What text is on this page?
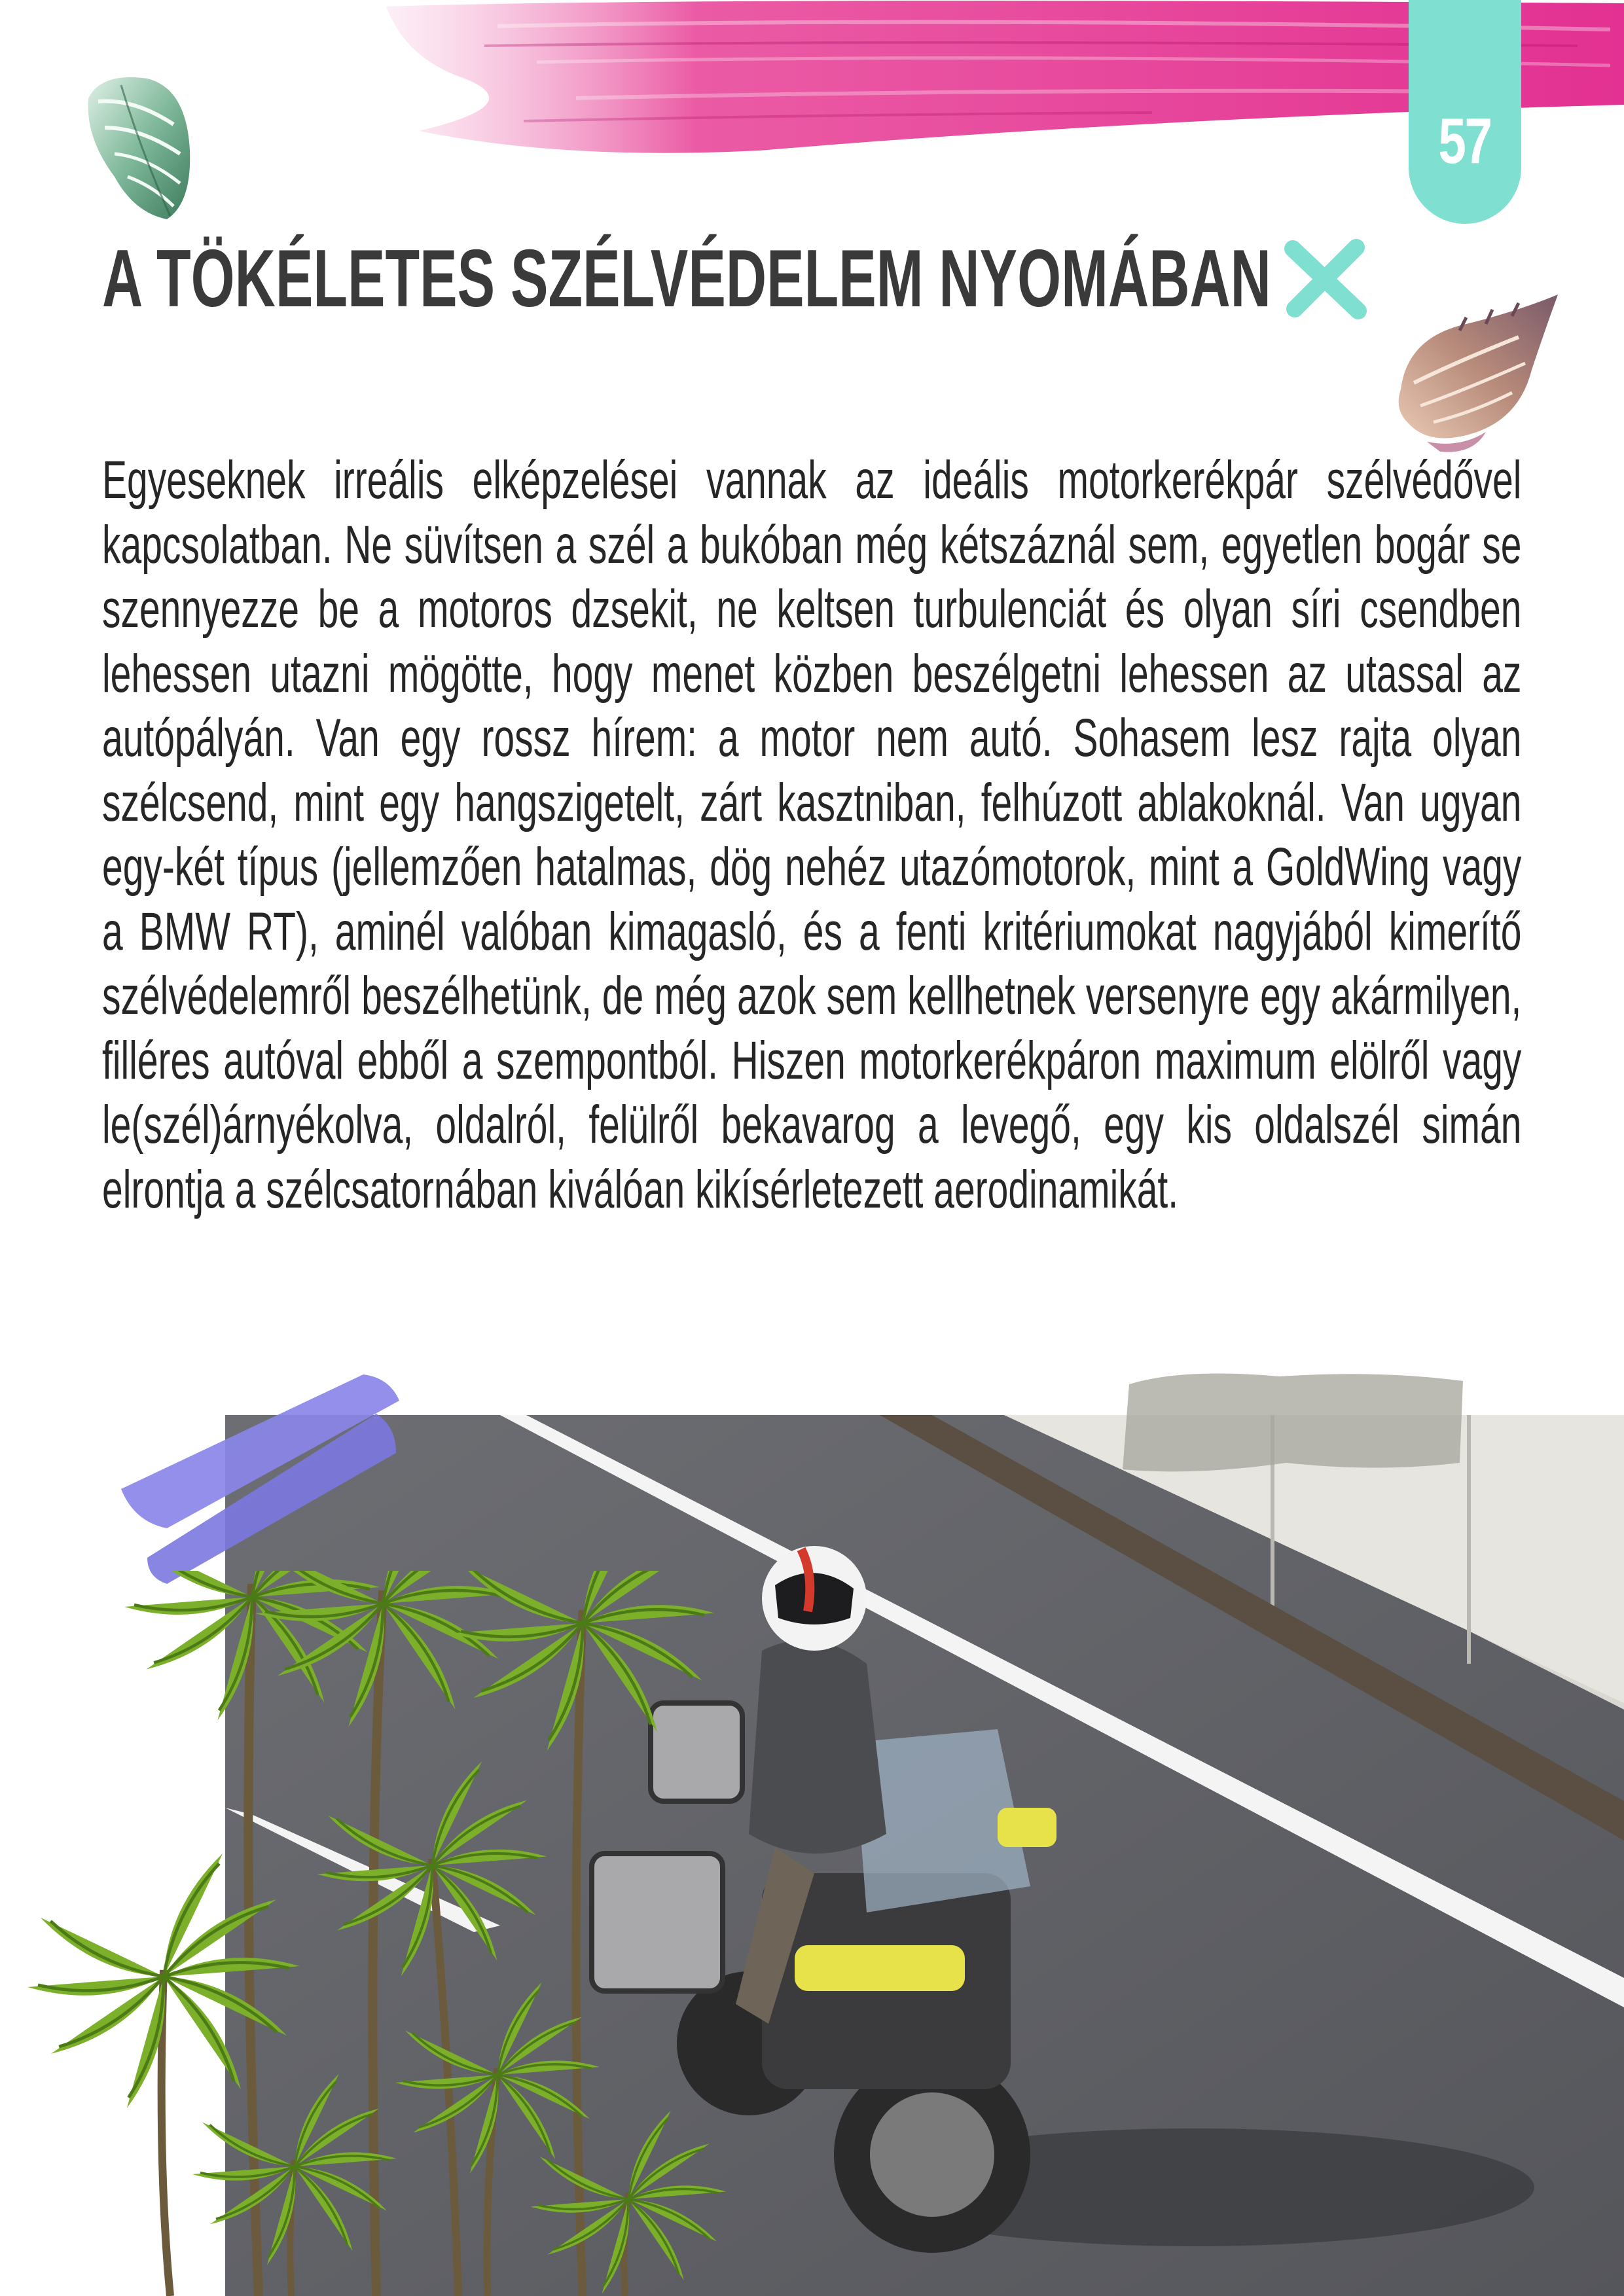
57
A TÖKÉLETES SZÉLVÉDELEM NYOMÁBAN

Egyeseknek irreális elképzelései vannak az ideális motorkerékpár szélvédővel kapcsolatban. Ne süvítsen a szél a bukóban még kétszáznál sem, egyetlen bogár se szennyezze be a motoros dzsekit, ne keltsen turbulenciát és olyan síri csendben lehessen utazni mögötte, hogy menet közben beszélgetni lehessen az utassal az autópályán. Van egy rossz hírem: a motor nem autó. Sohasem lesz rajta olyan szélcsend, mint egy hangszigetelt, zárt kasztniban, felhúzott ablakoknál. Van ugyan egy-két típus (jellemzően hatalmas, dög nehéz utazómotorok, mint a GoldWing vagy a BMW RT), aminél valóban kimagasló, és a fenti kritériumokat nagyjából kimerítő szélvédelemről beszélhetünk, de még azok sem kellhetnek versenyre egy akármilyen, filléres autóval ebből a szempontból. Hiszen motorkerékpáron maximum elölről vagy le(szél)árnyékolva, oldalról, felülről bekavarog a levegő, egy kis oldalszél simán elrontja a szélcsatornában kiválóan kikísérletezett aerodinamikát.
